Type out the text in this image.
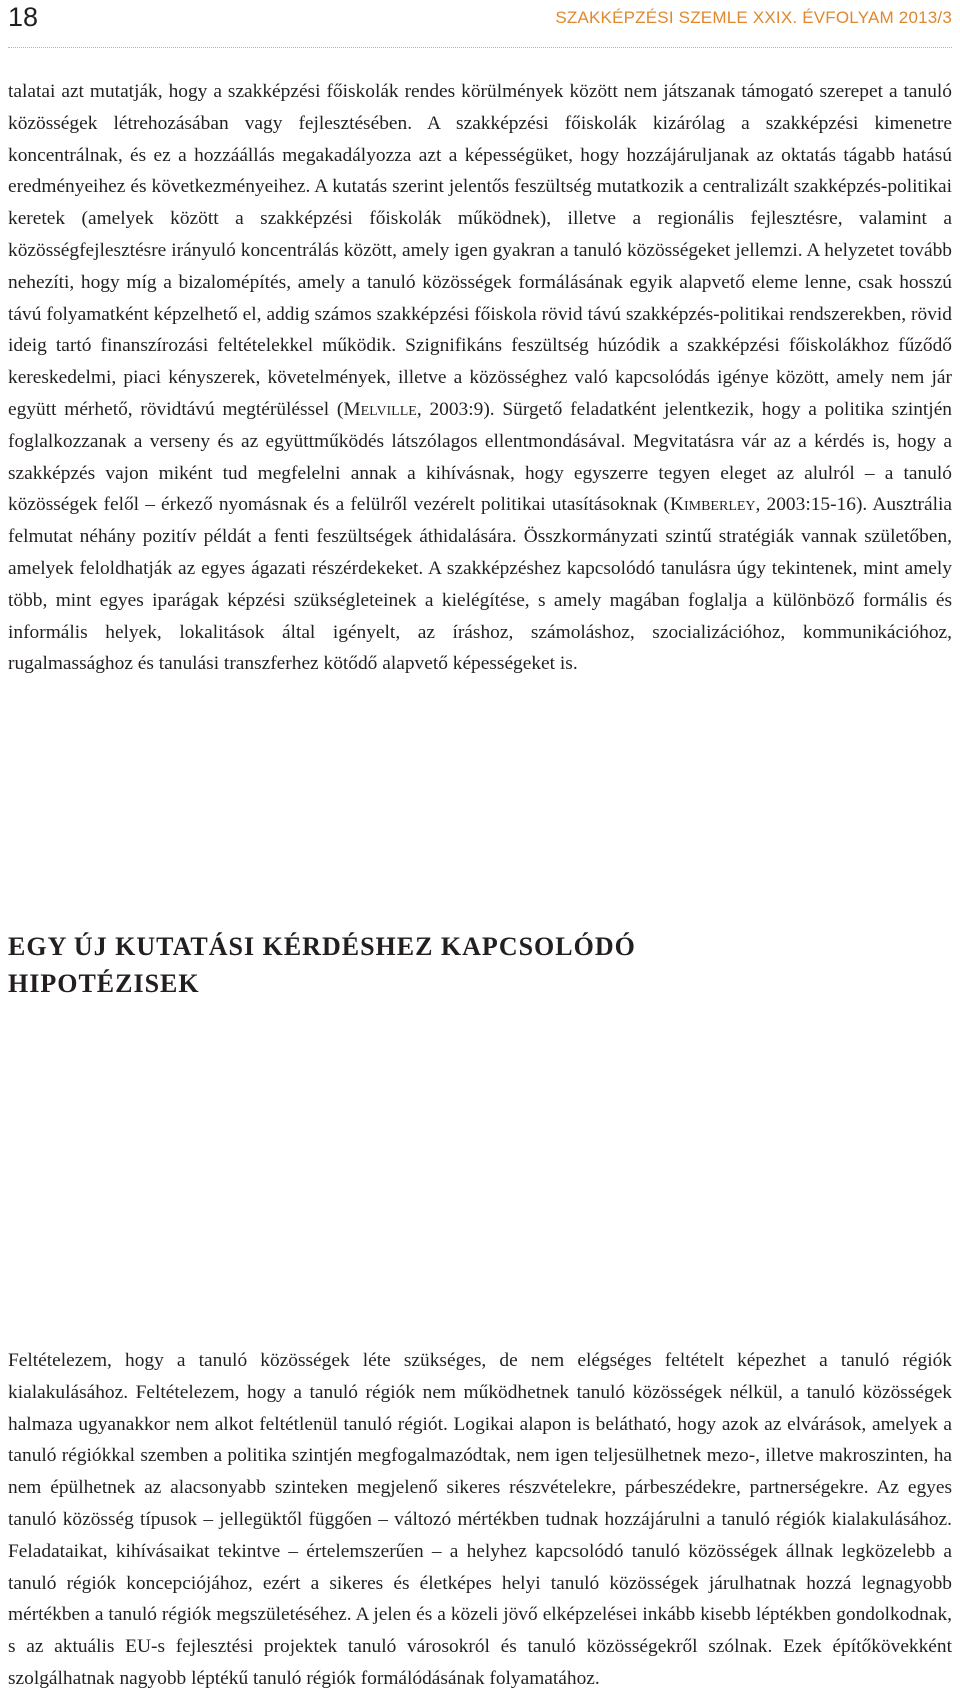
18	SZAKKÉPZÉSI SZEMLE XXIX. ÉVFOLYAM 2013/3

talatai azt mutatják, hogy a szakképzési főiskolák rendes körülmények között nem játszanak támogató szerepet a tanuló közösségek létrehozásában vagy fejlesztésében. A szakképzési főiskolák kizárólag a szakképzési kimenetre koncentrálnak, és ez a hozzáállás megakadályozza azt a képességüket, hogy hozzájáruljanak az oktatás tágabb hatású eredményeihez és következményeihez. A kutatás szerint jelentős feszültség mutatkozik a centralizált szakképzés-politikai keretek (amelyek között a szakképzési főiskolák működnek), illetve a regionális fejlesztésre, valamint a közösségfejlesztésre irányuló koncentrálás között, amely igen gyakran a tanuló közösségeket jellemzi. A helyzetet tovább nehezíti, hogy míg a bizalomépítés, amely a tanuló közösségek formálásának egyik alapvető eleme lenne, csak hosszú távú folyamatként képzelhető el, addig számos szakképzési főiskola rövid távú szakképzés-politikai rendszerekben, rövid ideig tartó finanszírozási feltételekkel működik. Szignifikáns feszültség húzódik a szakképzési főiskolákhoz fűződő kereskedelmi, piaci kényszerek, követelmények, illetve a közösséghez való kapcsolódás igénye között, amely nem jár együtt mérhető, rövidtávú megtérüléssel (Melville, 2003:9). Sürgető feladatként jelentkezik, hogy a politika szintjén foglalkozzanak a verseny és az együttműködés látszólagos ellentmondásával. Megvitatásra vár az a kérdés is, hogy a szakképzés vajon miként tud megfelelni annak a kihívásnak, hogy egyszerre tegyen eleget az alulról – a tanuló közösségek felől – érkező nyomásnak és a felülről vezérelt politikai utasításoknak (Kimberley, 2003:15-16). Ausztrália felmutat néhány pozitív példát a fenti feszültségek áthidalására. Összkormányzati szintű stratégiák vannak születőben, amelyek feloldhatják az egyes ágazati részérdekeket. A szakképzéshez kapcsolódó tanulásra úgy tekintenek, mint amely több, mint egyes iparágak képzési szükségleteinek a kielégítése, s amely magában foglalja a különböző formális és informális helyek, lokalitások által igényelt, az íráshoz, számoláshoz, szocializációhoz, kommunikációhoz, rugalmassághoz és tanulási transzferhez kötődő alapvető képességeket is.

EGY ÚJ KUTATÁSI KÉRDÉSHEZ KAPCSOLÓDÓ
HIPOTÉZISEK

Feltételezem, hogy a tanuló közösségek léte szükséges, de nem elégséges feltételt képezhet a tanuló régiók kialakulásához. Feltételezem, hogy a tanuló régiók nem működhetnek tanuló közösségek nélkül, a tanuló közösségek halmaza ugyanakkor nem alkot feltétlenül tanuló régiót. Logikai alapon is belátható, hogy azok az elvárások, amelyek a tanuló régiókkal szemben a politika szintjén megfogalmazódtak, nem igen teljesülhetnek mezo-, illetve makroszinten, ha nem épülhetnek az alacsonyabb szinteken megjelenő sikeres részvételekre, párbeszédekre, partnerségekre. Az egyes tanuló közösség típusok – jellegüktől függően – változó mértékben tudnak hozzájárulni a tanuló régiók kialakulásához. Feladataikat, kihívásaikat tekintve – értelemszerűen – a helyhez kapcsolódó tanuló közösségek állnak legközelebb a tanuló régiók koncepciójához, ezért a sikeres és életképes helyi tanuló közösségek járulhatnak hozzá legnagyobb mértékben a tanuló régiók megszületéséhez. A jelen és a közeli jövő elképzelései inkább kisebb léptékben gondolkodnak, s az aktuális EU-s fejlesztési projektek tanuló városokról és tanuló közösségekről szólnak. Ezek építőkövekként szolgálhatnak nagyobb léptékű tanuló régiók formálódásának folyamatához.
